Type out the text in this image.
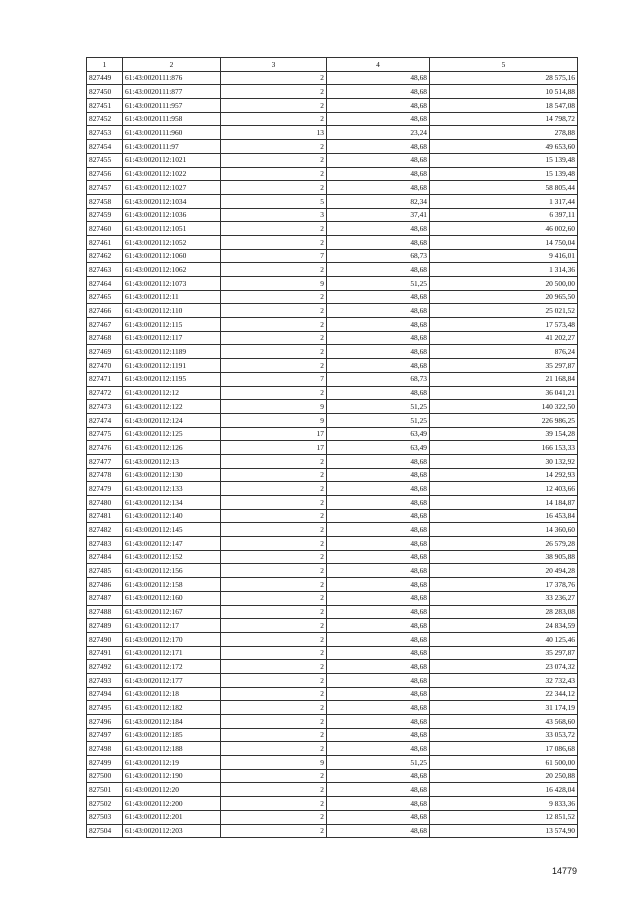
1	2	3	4	5
827449	61:43:0020111:876	2	48,68	28 575,16
827450	61:43:0020111:877	2	48,68	10 514,88
827451	61:43:0020111:957	2	48,68	18 547,08
827452	61:43:0020111:958	2	48,68	14 798,72
827453	61:43:0020111:960	13	23,24	278,88
827454	61:43:0020111:97	2	48,68	49 653,60
827455	61:43:0020112:1021	2	48,68	15 139,48
827456	61:43:0020112:1022	2	48,68	15 139,48
827457	61:43:0020112:1027	2	48,68	58 805,44
827458	61:43:0020112:1034	5	82,34	1 317,44
827459	61:43:0020112:1036	3	37,41	6 397,11
827460	61:43:0020112:1051	2	48,68	46 002,60
827461	61:43:0020112:1052	2	48,68	14 750,04
827462	61:43:0020112:1060	7	68,73	9 416,01
827463	61:43:0020112:1062	2	48,68	1 314,36
827464	61:43:0020112:1073	9	51,25	20 500,00
827465	61:43:0020112:11	2	48,68	20 965,50
827466	61:43:0020112:110	2	48,68	25 021,52
827467	61:43:0020112:115	2	48,68	17 573,48
827468	61:43:0020112:117	2	48,68	41 202,27
827469	61:43:0020112:1189	2	48,68	876,24
827470	61:43:0020112:1191	2	48,68	35 297,87
827471	61:43:0020112:1195	7	68,73	21 168,84
827472	61:43:0020112:12	2	48,68	36 041,21
827473	61:43:0020112:122	9	51,25	140 322,50
827474	61:43:0020112:124	9	51,25	226 986,25
827475	61:43:0020112:125	17	63,49	39 154,28
827476	61:43:0020112:126	17	63,49	166 153,33
827477	61:43:0020112:13	2	48,68	30 132,92
827478	61:43:0020112:130	2	48,68	14 292,93
827479	61:43:0020112:133	2	48,68	12 403,66
827480	61:43:0020112:134	2	48,68	14 184,87
827481	61:43:0020112:140	2	48,68	16 453,84
827482	61:43:0020112:145	2	48,68	14 360,60
827483	61:43:0020112:147	2	48,68	26 579,28
827484	61:43:0020112:152	2	48,68	38 905,88
827485	61:43:0020112:156	2	48,68	20 494,28
827486	61:43:0020112:158	2	48,68	17 378,76
827487	61:43:0020112:160	2	48,68	33 236,27
827488	61:43:0020112:167	2	48,68	28 283,08
827489	61:43:0020112:17	2	48,68	24 834,59
827490	61:43:0020112:170	2	48,68	40 125,46
827491	61:43:0020112:171	2	48,68	35 297,87
827492	61:43:0020112:172	2	48,68	23 074,32
827493	61:43:0020112:177	2	48,68	32 732,43
827494	61:43:0020112:18	2	48,68	22 344,12
827495	61:43:0020112:182	2	48,68	31 174,19
827496	61:43:0020112:184	2	48,68	43 568,60
827497	61:43:0020112:185	2	48,68	33 053,72
827498	61:43:0020112:188	2	48,68	17 086,68
827499	61:43:0020112:19	9	51,25	61 500,00
827500	61:43:0020112:190	2	48,68	20 250,88
827501	61:43:0020112:20	2	48,68	16 428,04
827502	61:43:0020112:200	2	48,68	9 833,36
827503	61:43:0020112:201	2	48,68	12 851,52
827504	61:43:0020112:203	2	48,68	13 574,90
14779
